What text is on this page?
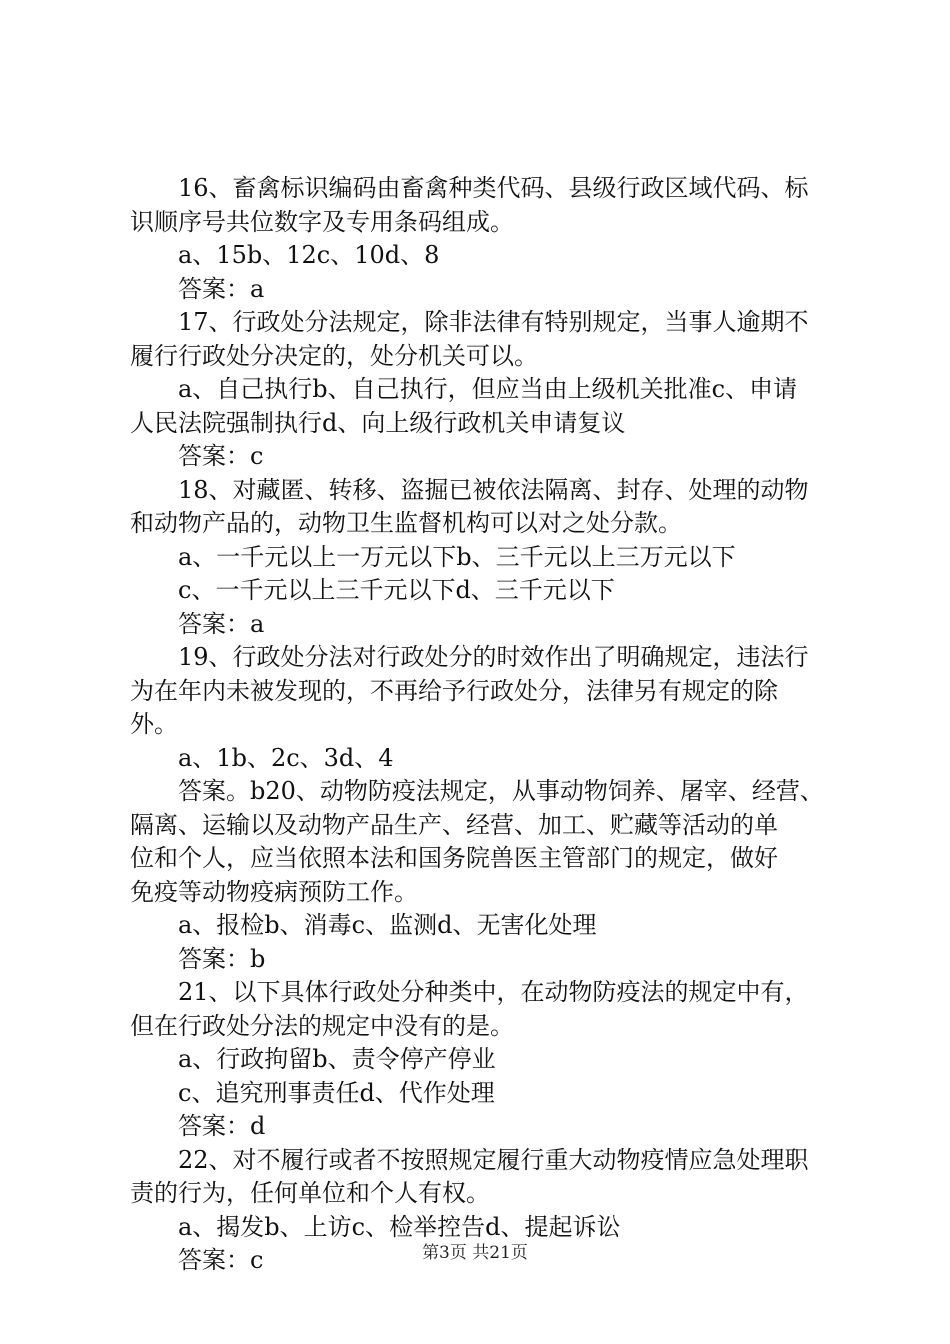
16、畜禽标识编码由畜禽种类代码、县级行政区域代码、标
识顺序号共位数字及专用条码组成。
a、15b、12c、10d、8
答案：a
17、行政处分法规定，除非法律有特别规定，当事人逾期不
履行行政处分决定的，处分机关可以。
a、自己执行b、自己执行，但应当由上级机关批准c、申请
人民法院强制执行d、向上级行政机关申请复议
答案：c
18、对藏匿、转移、盗掘已被依法隔离、封存、处理的动物
和动物产品的，动物卫生监督机构可以对之处分款。
a、一千元以上一万元以下b、三千元以上三万元以下
c、一千元以上三千元以下d、三千元以下
答案：a
19、行政处分法对行政处分的时效作出了明确规定，违法行
为在年内未被发现的，不再给予行政处分，法律另有规定的除
外。
a、1b、2c、3d、4
答案。b20、动物防疫法规定，从事动物饲养、屠宰、经营、
隔离、运输以及动物产品生产、经营、加工、贮藏等活动的单
位和个人，应当依照本法和国务院兽医主管部门的规定，做好
免疫等动物疫病预防工作。
a、报检b、消毒c、监测d、无害化处理
答案：b
21、以下具体行政处分种类中，在动物防疫法的规定中有，
但在行政处分法的规定中没有的是。
a、行政拘留b、责令停产停业
c、追究刑事责任d、代作处理
答案：d
22、对不履行或者不按照规定履行重大动物疫情应急处理职
责的行为，任何单位和个人有权。
a、揭发b、上访c、检举控告d、提起诉讼
答案：c	第3页 共21页
